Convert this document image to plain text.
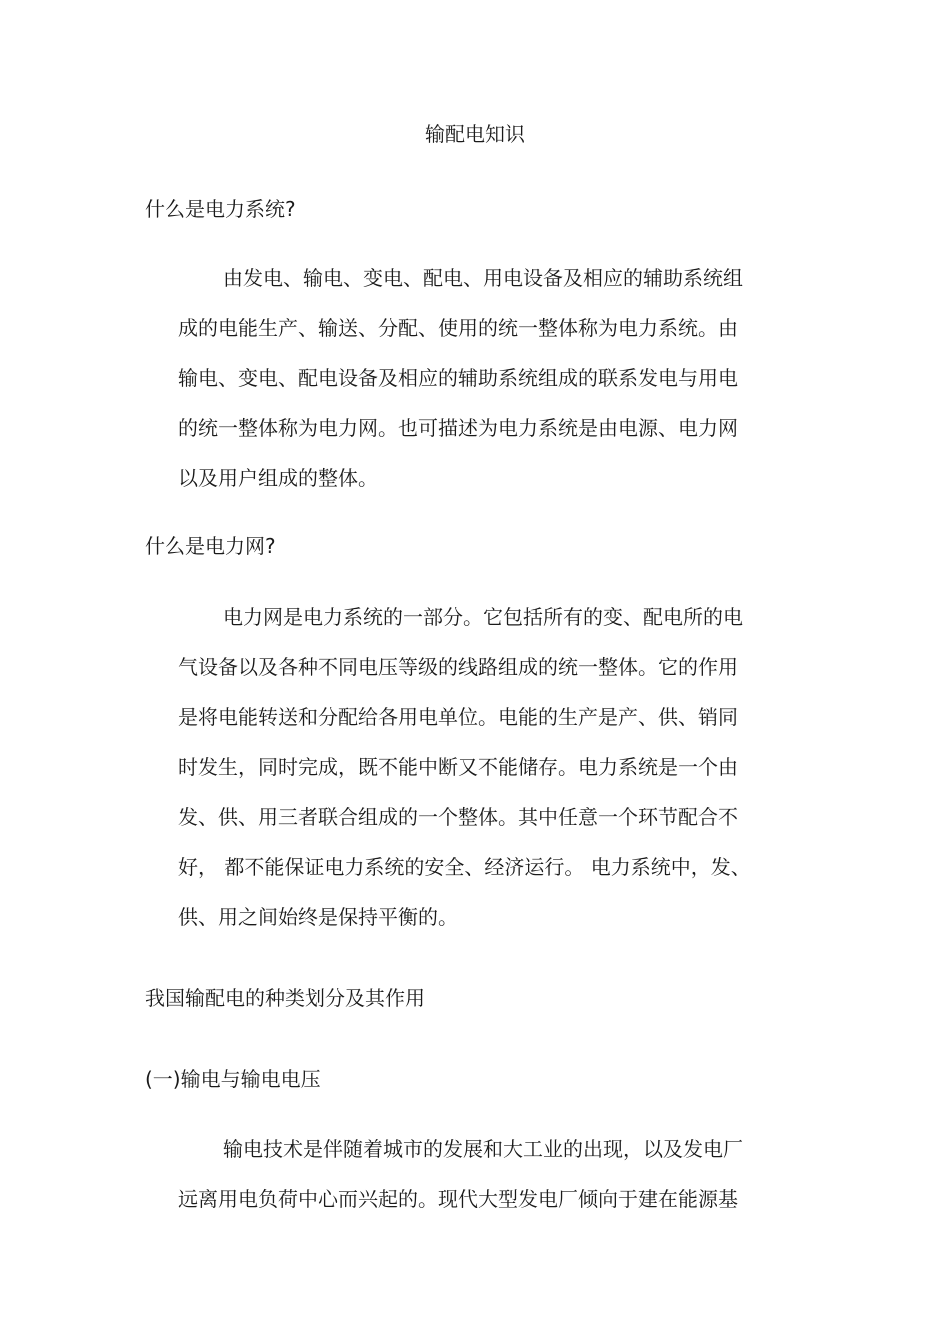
输配电知识
什么是电力系统?
由发电、输电、变电、配电、用电设备及相应的辅助系统组
成的电能生产、输送、分配、使用的统一整体称为电力系统。由
输电、变电、配电设备及相应的辅助系统组成的联系发电与用电
的统一整体称为电力网。也可描述为电力系统是由电源、电力网
以及用户组成的整体。
什么是电力网?
电力网是电力系统的一部分。它包括所有的变、配电所的电
气设备以及各种不同电压等级的线路组成的统一整体。它的作用
是将电能转送和分配给各用电单位。电能的生产是产、供、销同
时发生，同时完成，既不能中断又不能储存。电力系统是一个由
发、供、用三者联合组成的一个整体。其中任意一个环节配合不
好， 都不能保证电力系统的安全、经济运行。 电力系统中，发、
供、用之间始终是保持平衡的。
我国输配电的种类划分及其作用
(一)输电与输电电压
输电技术是伴随着城市的发展和大工业的出现，以及发电厂
远离用电负荷中心而兴起的。现代大型发电厂倾向于建在能源基
